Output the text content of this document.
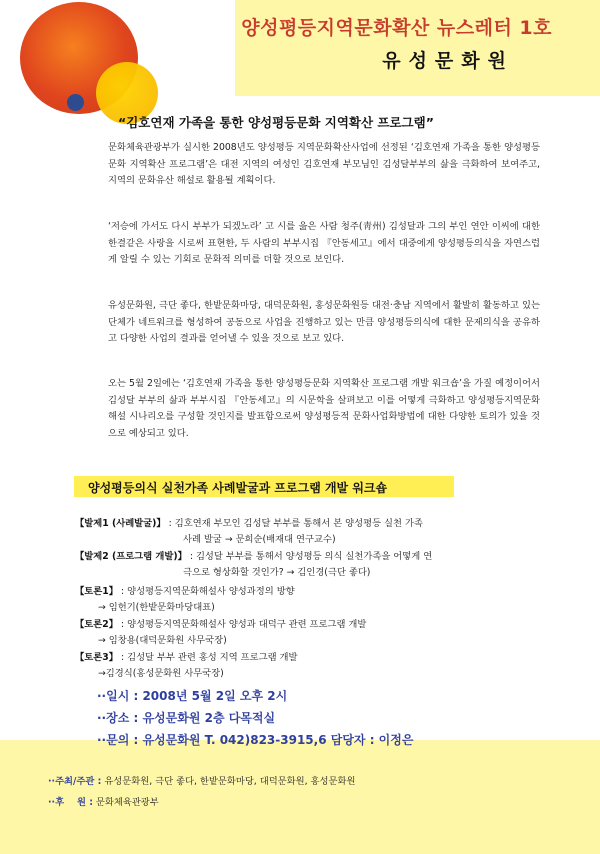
양성평등지역문화확산 뉴스레터 1호
유성문화원
“김호연재 가족을 통한 양성평등문화 지역확산 프로그램”
문화체육관광부가 실시한 2008년도 양성평등 지역문화확산사업에 선정된 ‘김호연재 가족을 통한 양성평등문화 지역확산 프로그램’은 대전 지역의 여성인 김호연재 부모님인 김성달부부의 삶을 극화하여 보여주고, 지역의 문화유산 해설로 활용될 계획이다.
‘저승에 가서도 다시 부부가 되겠노라’ 고 시를 읊은 사람 청주(靑州) 김성달과 그의 부인 연안 이씨에 대한 한결같은 사랑을 시로써 표현한, 두 사람의 부부시집 『안동세고』에서 대중에게 양성평등의식을 자연스럽게 알릴 수 있는 기회로 문화적 의미를 더할 것으로 보인다.
유성문화원, 극단 좋다, 한밭문화마당, 대덕문화원, 홍성문화원등 대전·충남 지역에서 활발히 활동하고 있는 단체가 네트워크를 형성하여 공동으로 사업을 진행하고 있는 만큼 양성평등의식에 대한 문제의식을 공유하고 다양한 사업의 결과를 얻어낼 수 있을 것으로 보고 있다.
오는 5월 2일에는 ‘김호연재 가족을 통한 양성평등문화 지역확산 프로그램 개발 워크숍’을 가질 예정이어서 김성달 부부의 삶과 부부시집 『안동세고』의 시문학을 살펴보고 이를 어떻게 극화하고 양성평등지역문화해설 시나리오를 구성할 것인지를 발표함으로써 양성평등적 문화사업화방법에 대한 다양한 토의가 있을 것으로 예상되고 있다.
양성평등의식 실천가족 사례발굴과 프로그램 개발 워크숍
【발제1 (사례발굴)】 : 김호연재 부모인 김성달 부부를 통해서 본 양성평등 실천 가족
사례 발굴 → 문희순(배재대 연구교수)
【발제2 (프로그램 개발)】 : 김성달 부부를 통해서 양성평등 의식 실천가족을 어떻게 연
극으로 형상화할 것인가? → 김인경(극단 좋다)
【토론1】 : 양성평등지역문화해설사 양성과정의 방향
→ 임헌기(한밭문화마당대표)
【토론2】 : 양성평등지역문화해설사 양성과 대덕구 관련 프로그램 개발
→ 임창용(대덕문화원 사무국장)
【토론3】 : 김성달 부부 관련 홍성 지역 프로그램 개발
→김경식(홍성문화원 사무국장)
··일시 : 2008년 5월 2일 오후 2시
··장소 : 유성문화원 2층 다목적실
··문의 : 유성문화원 T. 042)823-3915,6 담당자 : 이정은
··주최/주관 : 유성문화원, 극단 좋다, 한밭문화마당, 대덕문화원, 홍성문화원
··후    원 : 문화체육관광부
